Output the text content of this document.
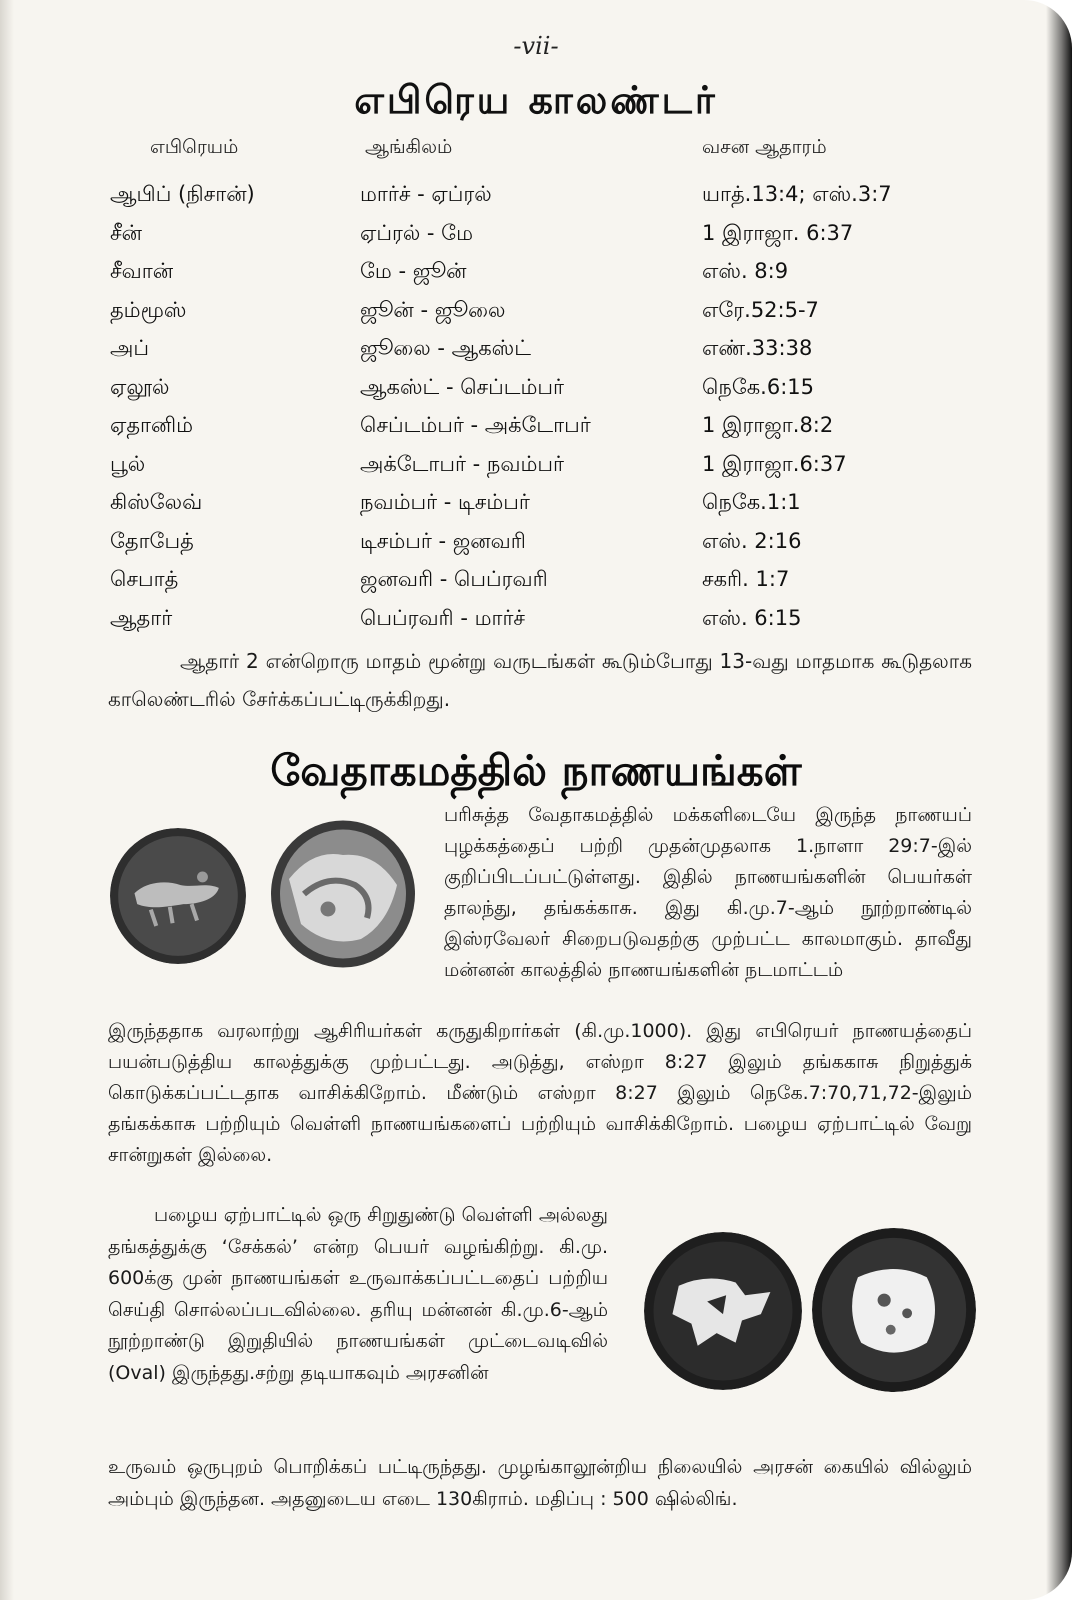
-vii-
எபிரெய காலண்டர்
எபிரெயம்	ஆங்கிலம்	வசன ஆதாரம்
ஆபிப் (நிசான்)	மார்ச் - ஏப்ரல்	யாத்.13:4; எஸ்.3:7
சீன்	ஏப்ரல் - மே	1 இராஜா. 6:37
சீவான்	மே - ஜூன்	எஸ். 8:9
தம்மூஸ்	ஜூன் - ஜூலை	எரே.52:5-7
அப்	ஜூலை - ஆகஸ்ட்	எண்.33:38
ஏலூல்	ஆகஸ்ட் - செப்டம்பர்	நெகே.6:15
ஏதானிம்	செப்டம்பர் - அக்டோபர்	1 இராஜா.8:2
பூல்	அக்டோபர் - நவம்பர்	1 இராஜா.6:37
கிஸ்லேவ்	நவம்பர் - டிசம்பர்	நெகே.1:1
தோபேத்	டிசம்பர் - ஜனவரி	எஸ். 2:16
செபாத்	ஜனவரி - பெப்ரவரி	சகரி. 1:7
ஆதார்	பெப்ரவரி - மார்ச்	எஸ். 6:15
ஆதார் 2 என்றொரு மாதம் மூன்று வருடங்கள் கூடும்போது 13-வது மாதமாக கூடுதலாக காலெண்டரில் சேர்க்கப்பட்டிருக்கிறது.
வேதாகமத்தில் நாணயங்கள்
பரிசுத்த வேதாகமத்தில் மக்களிடையே இருந்த நாணயப் புழக்கத்தைப் பற்றி முதன்முதலாக 1.நாளா 29:7-இல் குறிப்பிடப்பட்டுள்ளது. இதில் நாணயங்களின் பெயர்கள் தாலந்து, தங்கக்காசு. இது கி.மு.7-ஆம் நூற்றாண்டில் இஸ்ரவேலர் சிறைபடுவதற்கு முற்பட்ட காலமாகும். தாவீது மன்னன் காலத்தில் நாணயங்களின் நடமாட்டம்
இருந்ததாக வரலாற்று ஆசிரியர்கள் கருதுகிறார்கள் (கி.மு.1000). இது எபிரெயர் நாணயத்தைப் பயன்படுத்திய காலத்துக்கு முற்பட்டது. அடுத்து, எஸ்றா 8:27 இலும் தங்ககாசு நிறுத்துக் கொடுக்கப்பட்டதாக வாசிக்கிறோம். மீண்டும் எஸ்றா 8:27 இலும் நெகே.7:70,71,72-இலும் தங்கக்காசு பற்றியும் வெள்ளி நாணயங்களைப் பற்றியும் வாசிக்கிறோம். பழைய ஏற்பாட்டில் வேறு சான்றுகள் இல்லை.
பழைய ஏற்பாட்டில் ஒரு சிறுதுண்டு வெள்ளி அல்லது தங்கத்துக்கு ‘சேக்கல்’ என்ற பெயர் வழங்கிற்று. கி.மு. 600க்கு முன் நாணயங்கள் உருவாக்கப்பட்டதைப் பற்றிய செய்தி சொல்லப்படவில்லை. தரியு மன்னன் கி.மு.6-ஆம் நூற்றாண்டு இறுதியில் நாணயங்கள் முட்டைவடிவில் (Oval) இருந்தது.சற்று தடியாகவும் அரசனின்
உருவம் ஒருபுறம் பொறிக்கப் பட்டிருந்தது. முழங்காலூன்றிய நிலையில் அரசன் கையில் வில்லும் அம்பும் இருந்தன. அதனுடைய எடை 130கிராம். மதிப்பு : 500 ஷில்லிங்.
